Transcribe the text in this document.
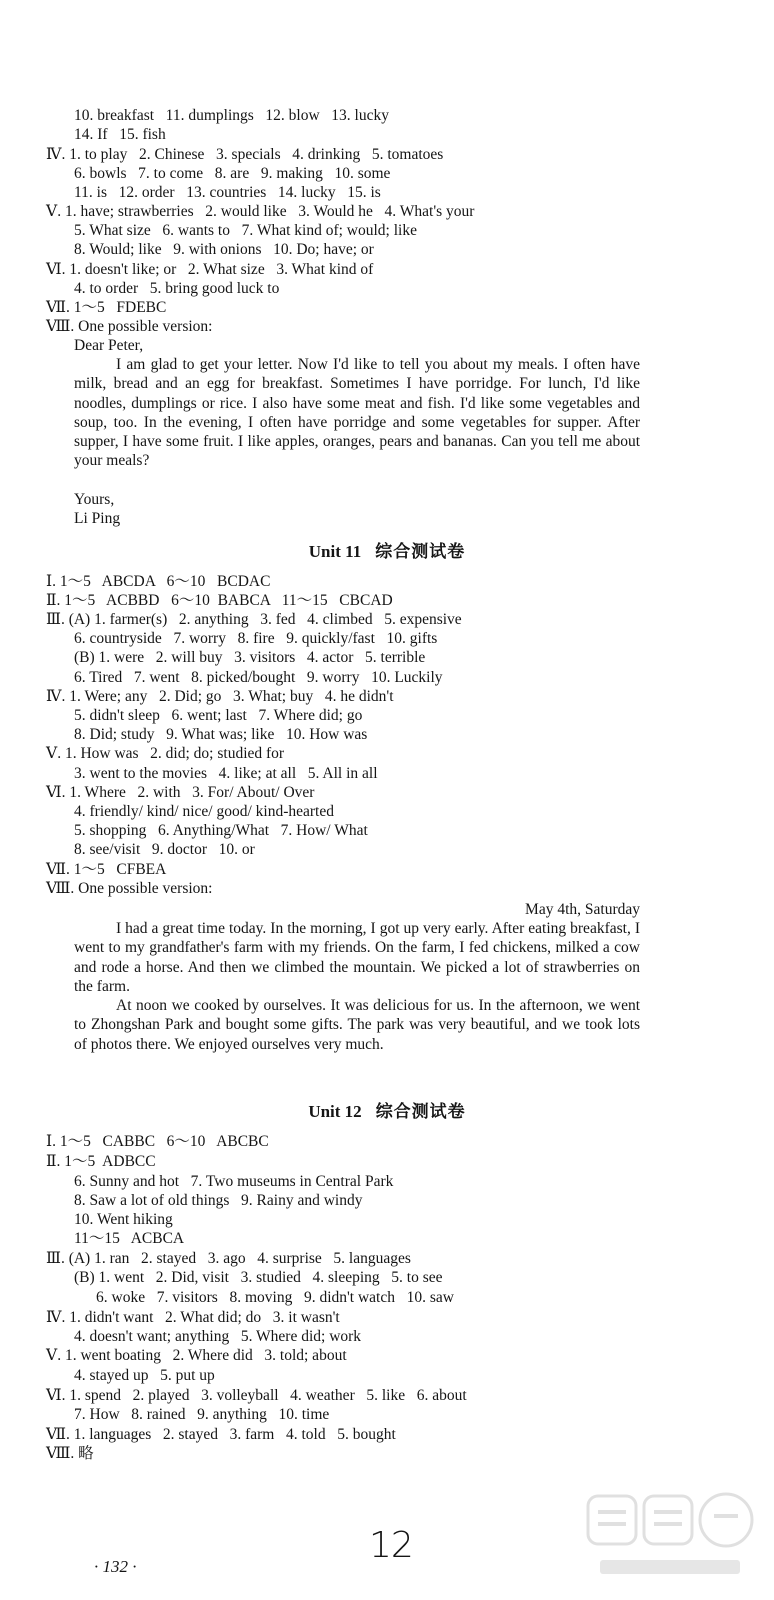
10. breakfast   11. dumplings   12. blow   13. lucky
14. If   15. fish
Ⅳ. 1. to play   2. Chinese   3. specials   4. drinking   5. tomatoes
6. bowls   7. to come   8. are   9. making   10. some
11. is   12. order   13. countries   14. lucky   15. is
Ⅴ. 1. have; strawberries   2. would like   3. Would he   4. What's your
5. What size   6. wants to   7. What kind of; would; like
8. Would; like   9. with onions   10. Do; have; or
Ⅵ. 1. doesn't like; or   2. What size   3. What kind of
4. to order   5. bring good luck to
Ⅶ. 1～5   FDEBC
Ⅷ. One possible version:
Dear Peter,

I am glad to get your letter. Now I'd like to tell you about my meals. I often have milk, bread and an egg for breakfast. Sometimes I have porridge. For lunch, I'd like noodles, dumplings or rice. I also have some meat and fish. I'd like some vegetables and soup, too. In the evening, I often have porridge and some vegetables for supper. After supper, I have some fruit. I like apples, oranges, pears and bananas. Can you tell me about your meals?

Yours,
Li Ping
Unit 11 综合测试卷
Ⅰ. 1～5   ABCDA   6～10   BCDAC
Ⅱ. 1～5   ACBBD   6～10  BABCA   11～15   CBCAD
Ⅲ. (A) 1. farmer(s)   2. anything   3. fed   4. climbed   5. expensive
6. countryside   7. worry   8. fire   9. quickly/fast   10. gifts
(B) 1. were   2. will buy   3. visitors   4. actor   5. terrible
6. Tired   7. went   8. picked/bought   9. worry   10. Luckily
Ⅳ. 1. Were; any   2. Did; go   3. What; buy   4. he didn't
5. didn't sleep   6. went; last   7. Where did; go
8. Did; study   9. What was; like   10. How was
Ⅴ. 1. How was   2. did; do; studied for
3. went to the movies   4. like; at all   5. All in all
Ⅵ. 1. Where   2. with   3. For/ About/ Over
4. friendly/ kind/ nice/ good/ kind-hearted
5. shopping   6. Anything/What   7. How/ What
8. see/visit   9. doctor   10. or
Ⅶ. 1～5   CFBEA
Ⅷ. One possible version:
May 4th, Saturday

I had a great time today. In the morning, I got up very early. After eating breakfast, I went to my grandfather's farm with my friends. On the farm, I fed chickens, milked a cow and rode a horse. And then we climbed the mountain. We picked a lot of strawberries on the farm.

At noon we cooked by ourselves. It was delicious for us. In the afternoon, we went to Zhongshan Park and bought some gifts. The park was very beautiful, and we took lots of photos there. We enjoyed ourselves very much.

Unit 12 综合测试卷
Ⅰ. 1～5   CABBC   6～10   ABCBC
Ⅱ. 1～5  ADBCC
6. Sunny and hot   7. Two museums in Central Park
8. Saw a lot of old things   9. Rainy and windy
10. Went hiking
11～15   ACBCA
Ⅲ. (A) 1. ran   2. stayed   3. ago   4. surprise   5. languages
(B) 1. went   2. Did, visit   3. studied   4. sleeping   5. to see
6. woke   7. visitors   8. moving   9. didn't watch   10. saw
Ⅳ. 1. didn't want   2. What did; do   3. it wasn't
4. doesn't want; anything   5. Where did; work
Ⅴ. 1. went boating   2. Where did   3. told; about
4. stayed up   5. put up
Ⅵ. 1. spend   2. played   3. volleyball   4. weather   5. like   6. about
7. How   8. rained   9. anything   10. time
Ⅶ. 1. languages   2. stayed   3. farm   4. told   5. bought
Ⅷ. 略
· 132 ·
12
